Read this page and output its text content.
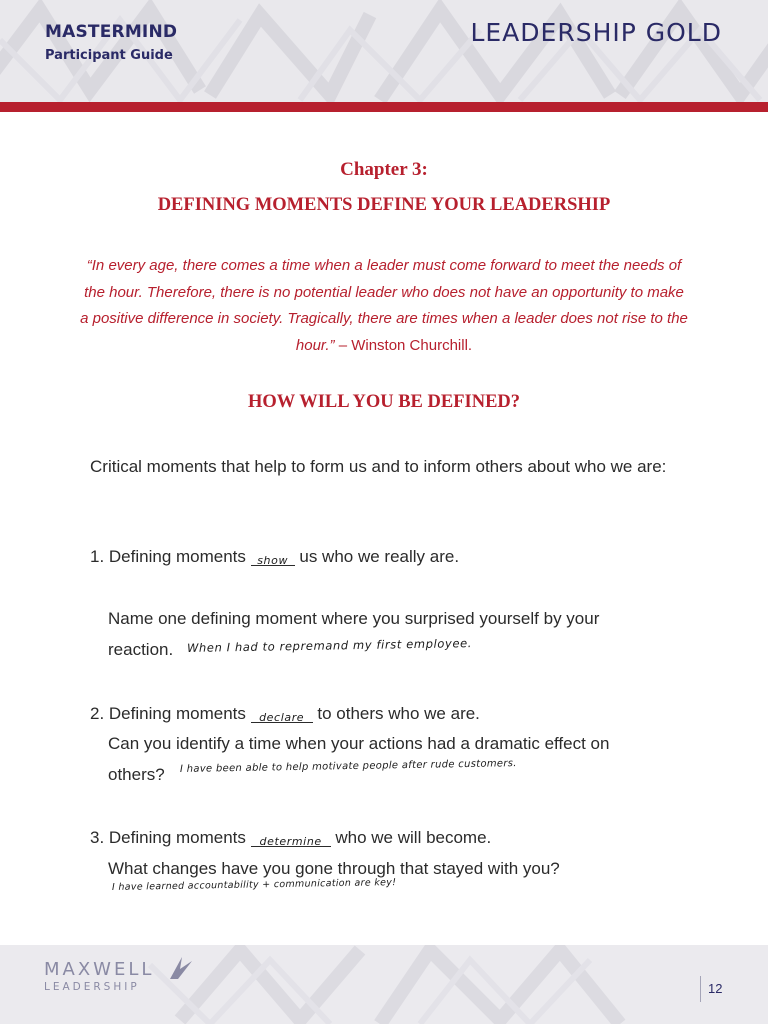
MASTERMIND
Participant Guide
LEADERSHIP GOLD
Chapter 3:
DEFINING MOMENTS DEFINE YOUR LEADERSHIP
“In every age, there comes a time when a leader must come forward to meet the needs of the hour. Therefore, there is no potential leader who does not have an opportunity to make a positive difference in society. Tragically, there are times when a leader does not rise to the hour.” – Winston Churchill.
HOW WILL YOU BE DEFINED?
Critical moments that help to form us and to inform others about who we are:
1. Defining moments show us who we really are.
Name one defining moment where you surprised yourself by your
reaction. When I had to repremand my first employee.
2. Defining moments declare to others who we are.
Can you identify a time when your actions had a dramatic effect on
others? I have been able to help motivate people after rude customers.
3. Defining moments determine who we will become.
What changes have you gone through that stayed with you?
I have learned accountability + communication are key!
MAXWELL
LEADERSHIP	12
